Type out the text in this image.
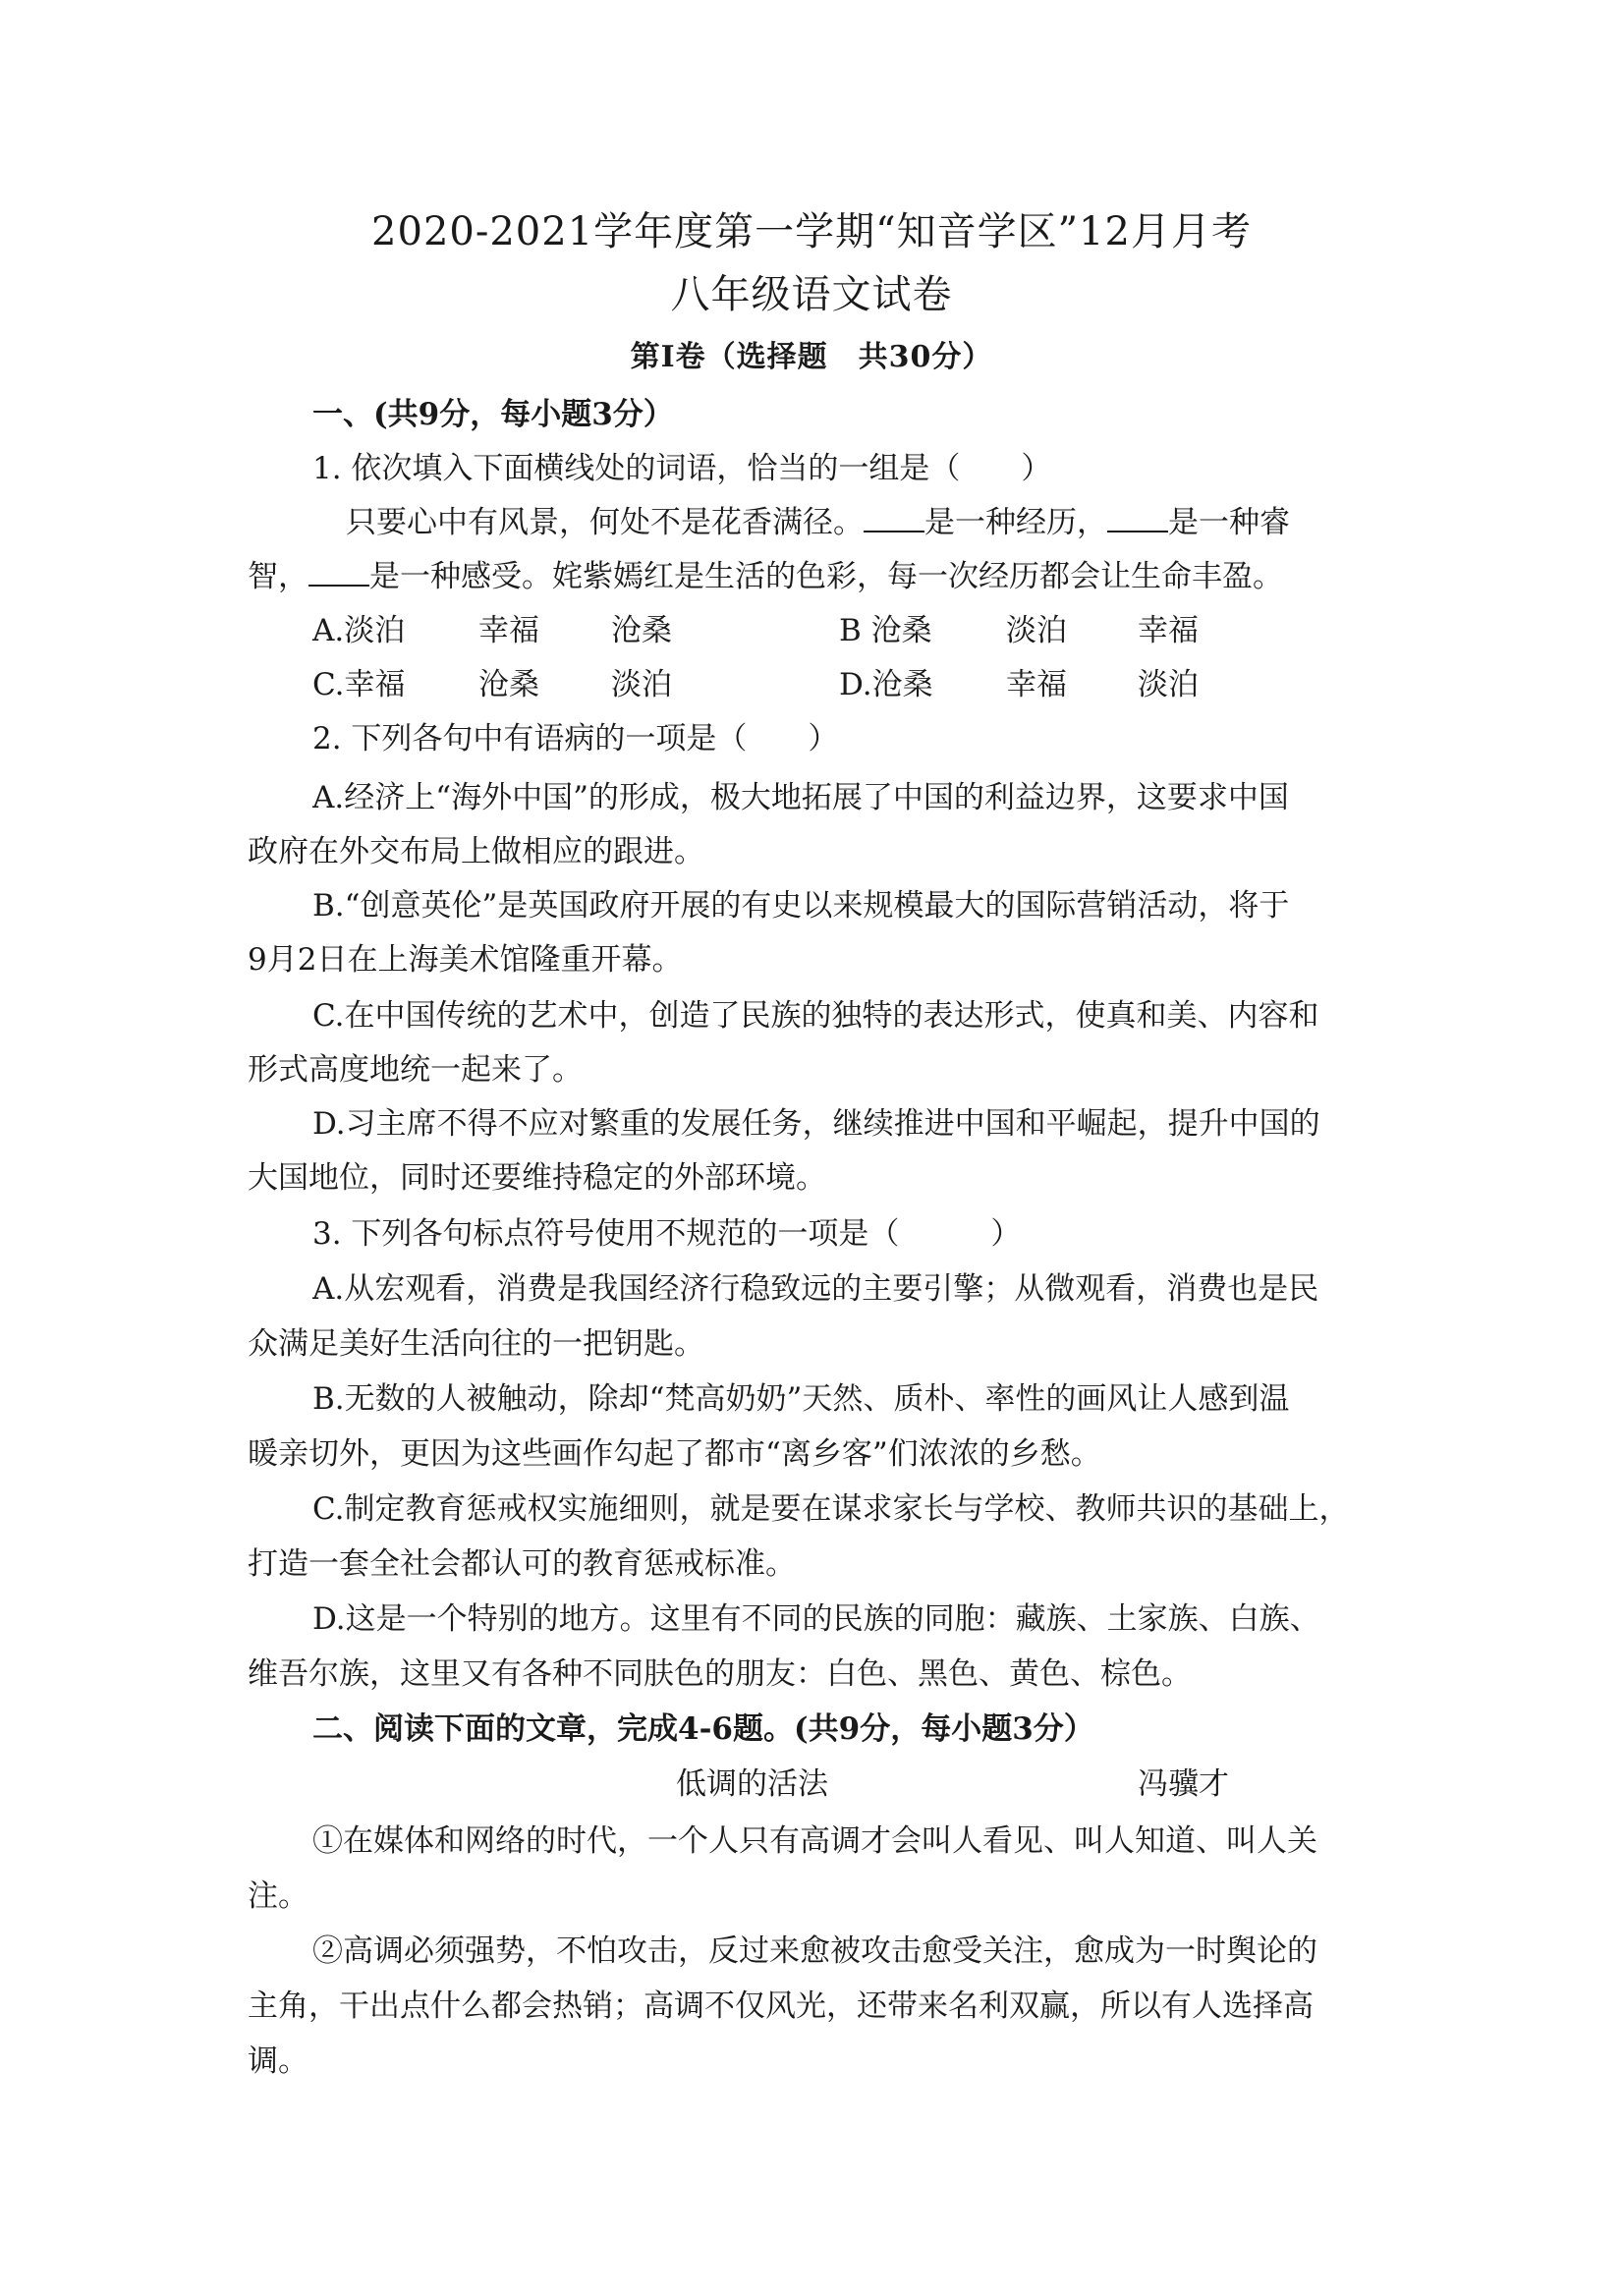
2020-2021学年度第一学期“知音学区”12月月考
八年级语文试卷
第Ⅰ卷（选择题　共30分）
一、(共9分，每小题3分）
1. 依次填入下面横线处的词语，恰当的一组是（　　）
只要心中有风景，何处不是花香满径。 是一种经历， 是一种睿
智， 是一种感受。姹紫嫣红是生活的色彩，每一次经历都会让生命丰盈。
A.淡泊 幸福 沧桑	B 沧桑 淡泊 幸福
C.幸福 沧桑 淡泊	D.沧桑 幸福 淡泊
2. 下列各句中有语病的一项是（　　）
A.经济上“海外中国”的形成，极大地拓展了中国的利益边界，这要求中国
政府在外交布局上做相应的跟进。
B.“创意英伦”是英国政府开展的有史以来规模最大的国际营销活动，将于
9月2日在上海美术馆隆重开幕。
C.在中国传统的艺术中，创造了民族的独特的表达形式，使真和美、内容和
形式高度地统一起来了。
D.习主席不得不应对繁重的发展任务，继续推进中国和平崛起，提升中国的
大国地位，同时还要维持稳定的外部环境。
3. 下列各句标点符号使用不规范的一项是（　　　）
A.从宏观看，消费是我国经济行稳致远的主要引擎；从微观看，消费也是民
众满足美好生活向往的一把钥匙。
B.无数的人被触动，除却“梵高奶奶”天然、质朴、率性的画风让人感到温
暖亲切外，更因为这些画作勾起了都市“离乡客”们浓浓的乡愁。
C.制定教育惩戒权实施细则，就是要在谋求家长与学校、教师共识的基础上，
打造一套全社会都认可的教育惩戒标准。
D.这是一个特别的地方。这里有不同的民族的同胞：藏族、土家族、白族、
维吾尔族，这里又有各种不同肤色的朋友：白色、黑色、黄色、棕色。
二、阅读下面的文章，完成4-6题。(共9分，每小题3分）
低调的活法	冯骥才
①在媒体和网络的时代，一个人只有高调才会叫人看见、叫人知道、叫人关
注。
②高调必须强势，不怕攻击，反过来愈被攻击愈受关注，愈成为一时舆论的
主角，干出点什么都会热销；高调不仅风光，还带来名利双赢，所以有人选择高
调。
